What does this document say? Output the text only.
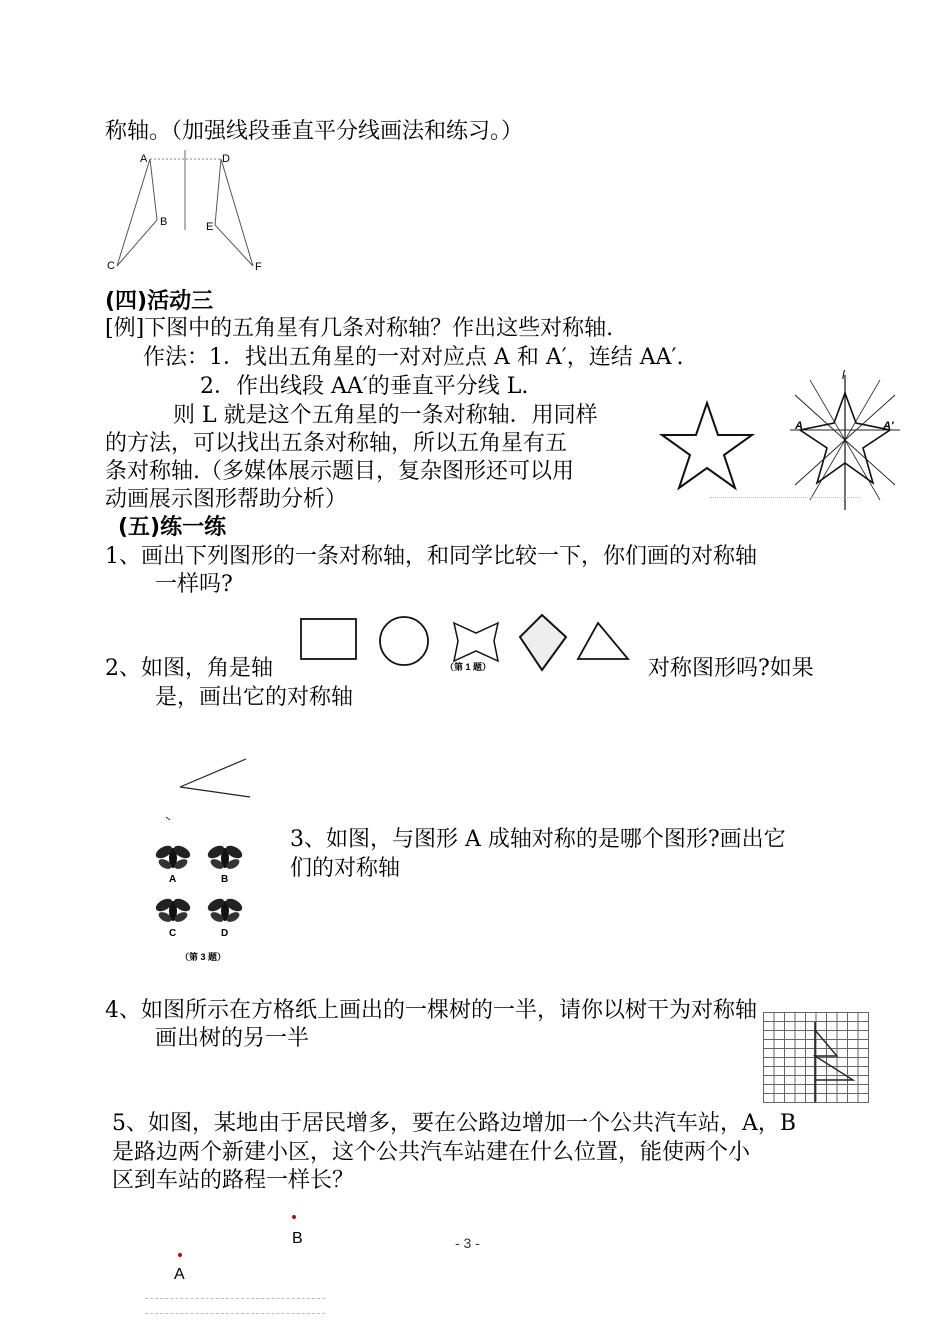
称轴。（加强线段垂直平分线画法和练习。）
A
B
C
D
E
F
(四)活动三
[例]下图中的五角星有几条对称轴？作出这些对称轴.
作法：1．找出五角星的一对对应点 A 和 A′，连结 AA′.
2．作出线段 AA′的垂直平分线 L.
则 L 就是这个五角星的一条对称轴．用同样
的方法，可以找出五条对称轴，所以五角星有五
条对称轴.（多媒体展示题目，复杂图形还可以用
动画展示图形帮助分析）
l
A	A'
(五)练一练
1、画出下列图形的一条对称轴，和同学比较一下，你们画的对称轴
一样吗?
（第 1 题）
2、如图，角是轴	对称图形吗?如果
是，画出它的对称轴
3、如图，与图形 A 成轴对称的是哪个图形?画出它
们的对称轴
A	B
C	D
（第 3 题）
4、如图所示在方格纸上画出的一棵树的一半，请你以树干为对称轴
画出树的另一半
5、如图，某地由于居民增多，要在公路边增加一个公共汽车站，A，B
是路边两个新建小区，这个公共汽车站建在什么位置，能使两个小
区到车站的路程一样长？
B
A
- 3 -
